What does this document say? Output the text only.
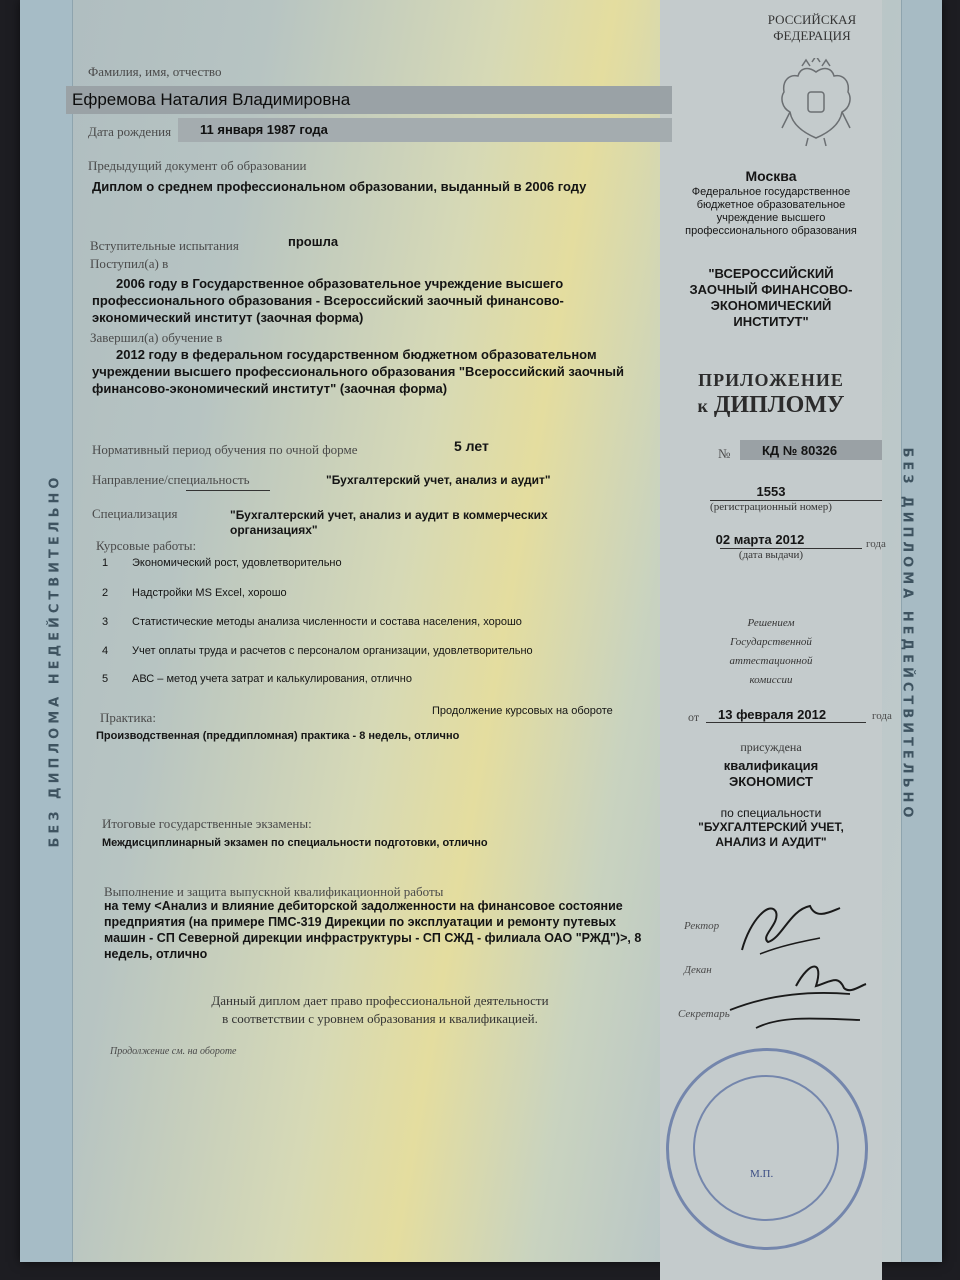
БЕЗ ДИПЛОМА НЕДЕЙСТВИТЕЛЬНО	БЕЗ ДИПЛОМА НЕДЕЙСТВИТЕЛЬНО
РОССИЙСКАЯ
ФЕДЕРАЦИЯ
Фамилия, имя, отчество
Ефремова Наталия Владимировна
Дата рождения 11 января 1987 года
Предыдущий документ об образовании
Диплом о среднем профессиональном образовании, выданный в 2006 году
Вступительные испытания	прошла
Поступил(а) в
2006 году в Государственное образовательное учреждение высшего профессионального образования - Всероссийский заочный финансово-экономический институт (заочная форма)
Завершил(а) обучение в
2012 году в федеральном государственном бюджетном образовательном учреждении высшего профессионального образования "Всероссийский заочный финансово-экономический институт" (заочная форма)
Нормативный период обучения по очной форме	5 лет
Направление/специальность	"Бухгалтерский учет, анализ и аудит"
Специализация	"Бухгалтерский учет, анализ и аудит в коммерческих организациях"
Курсовые работы:
1 Экономический рост, удовлетворительно
2 Надстройки MS Excel, хорошо
3 Статистические методы анализа численности и состава населения, хорошо
4 Учет оплаты труда и расчетов с персоналом организации, удовлетворительно
5 АВС – метод учета затрат и калькулирования, отлично
Продолжение курсовых на обороте
Практика:
Производственная (преддипломная) практика - 8 недель, отлично
Итоговые государственные экзамены:
Междисциплинарный экзамен по специальности подготовки, отлично
Выполнение и защита выпускной квалификационной работы
на тему <Анализ и влияние дебиторской задолженности на финансовое состояние предприятия (на примере ПМС-319 Дирекции по эксплуатации и ремонту путевых машин - СП Северной дирекции инфраструктуры - СП СЖД - филиала ОАО "РЖД")>, 8 недель, отлично
Данный диплом дает право профессиональной деятельности
в соответствии с уровнем образования и квалификацией.
Продолжение см. на обороте
Москва
Федеральное государственное бюджетное образовательное учреждение высшего профессионального образования
"ВСЕРОССИЙСКИЙ ЗАОЧНЫЙ ФИНАНСОВО-ЭКОНОМИЧЕСКИЙ ИНСТИТУТ"
ПРИЛОЖЕНИЕ
к ДИПЛОМУ
№ КД № 80326
1553
(регистрационный номер)
02 марта 2012	года
(дата выдачи)
Решением
Государственной
аттестационной
комиссии
от 13 февраля 2012	года
присуждена
квалификация
ЭКОНОМИСТ
по специальности
"БУХГАЛТЕРСКИЙ УЧЕТ,
АНАЛИЗ И АУДИТ"
Ректор
Декан
Секретарь
М.П.
